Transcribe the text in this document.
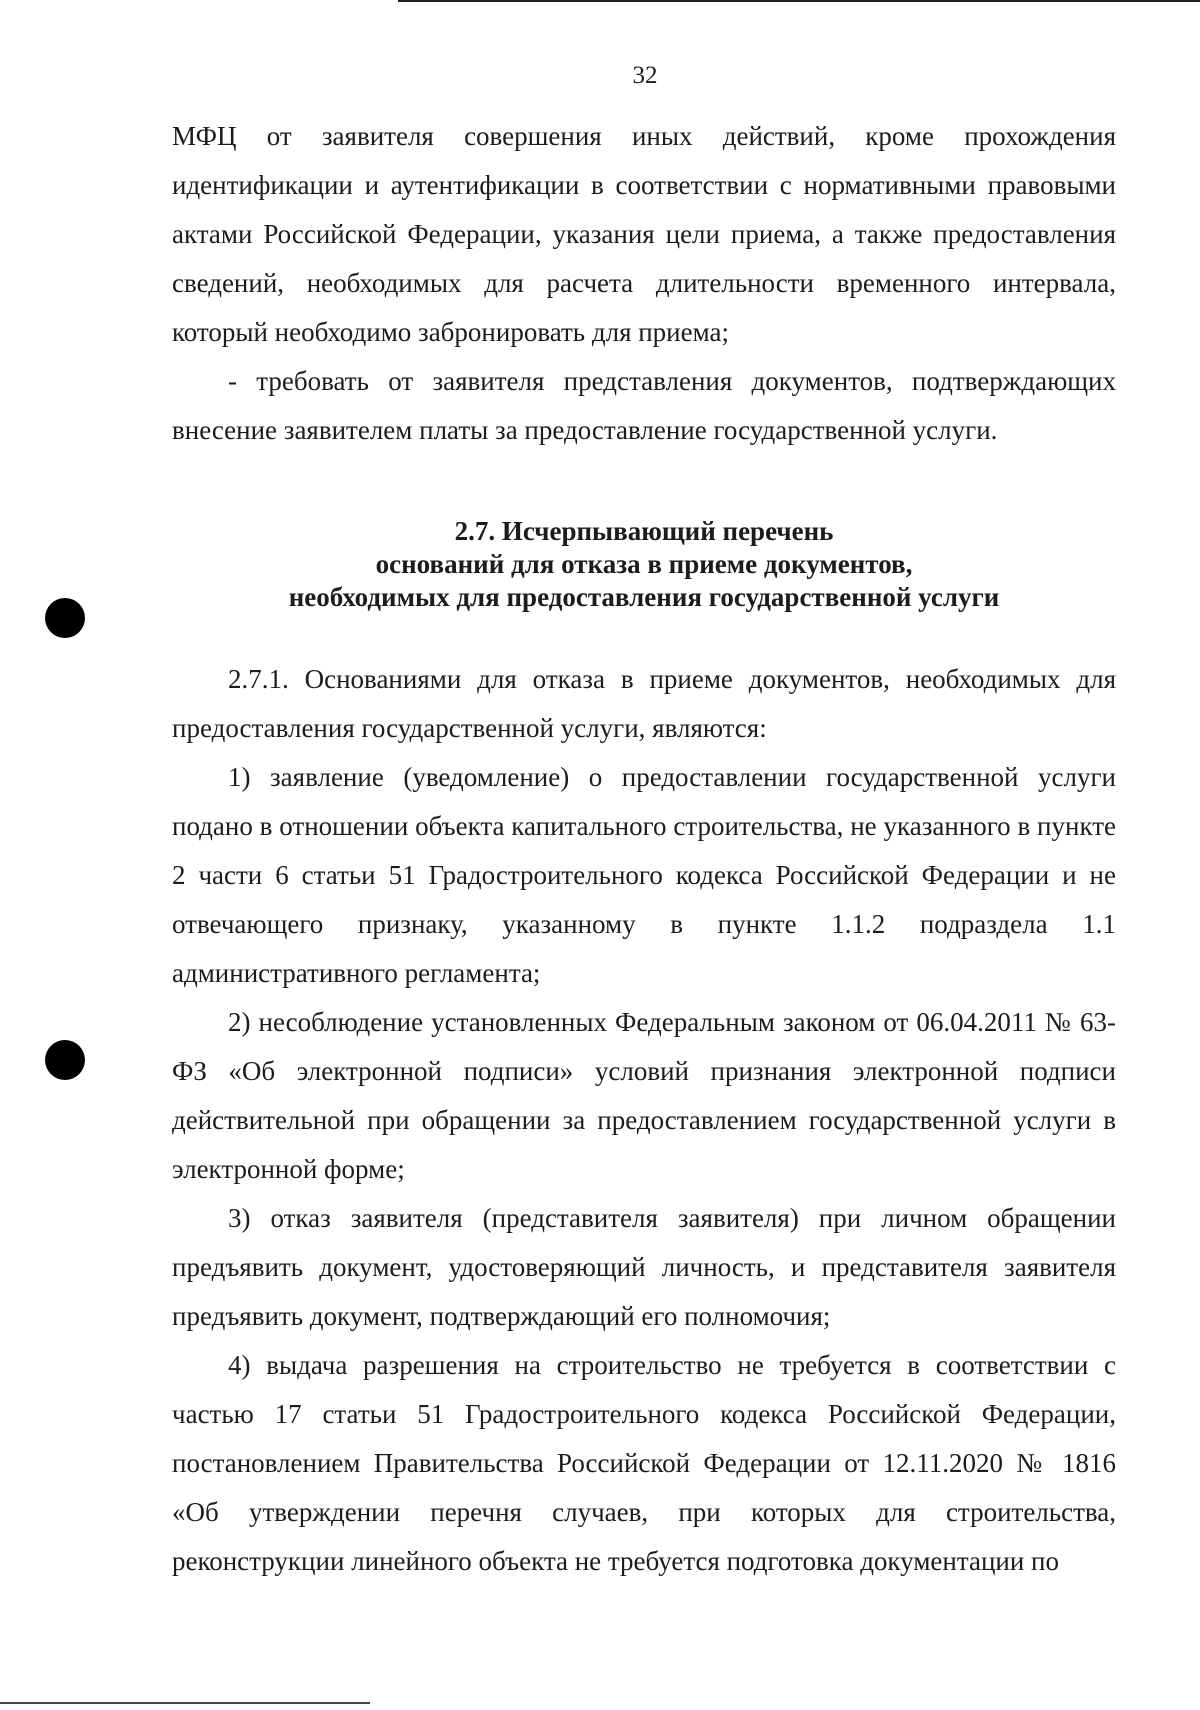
32

МФЦ от заявителя совершения иных действий, кроме прохождения идентификации и аутентификации в соответствии с нормативными правовыми актами Российской Федерации, указания цели приема, а также предоставления сведений, необходимых для расчета длительности временного интервала, который необходимо забронировать для приема;

- требовать от заявителя представления документов, подтверждающих внесение заявителем платы за предоставление государственной услуги.

2.7. Исчерпывающий перечень
оснований для отказа в приеме документов,
необходимых для предоставления государственной услуги

2.7.1. Основаниями для отказа в приеме документов, необходимых для предоставления государственной услуги, являются:

1) заявление (уведомление) о предоставлении государственной услуги подано в отношении объекта капитального строительства, не указанного в пункте 2 части 6 статьи 51 Градостроительного кодекса Российской Федерации и не отвечающего признаку, указанному в пункте 1.1.2 подраздела 1.1 административного регламента;

2) несоблюдение установленных Федеральным законом от 06.04.2011 № 63-ФЗ «Об электронной подписи» условий признания электронной подписи действительной при обращении за предоставлением государственной услуги в электронной форме;

3) отказ заявителя (представителя заявителя) при личном обращении предъявить документ, удостоверяющий личность, и представителя заявителя предъявить документ, подтверждающий его полномочия;

4) выдача разрешения на строительство не требуется в соответствии с частью 17 статьи 51 Градостроительного кодекса Российской Федерации, постановлением Правительства Российской Федерации от 12.11.2020 № 1816 «Об утверждении перечня случаев, при которых для строительства, реконструкции линейного объекта не требуется подготовка документации по
